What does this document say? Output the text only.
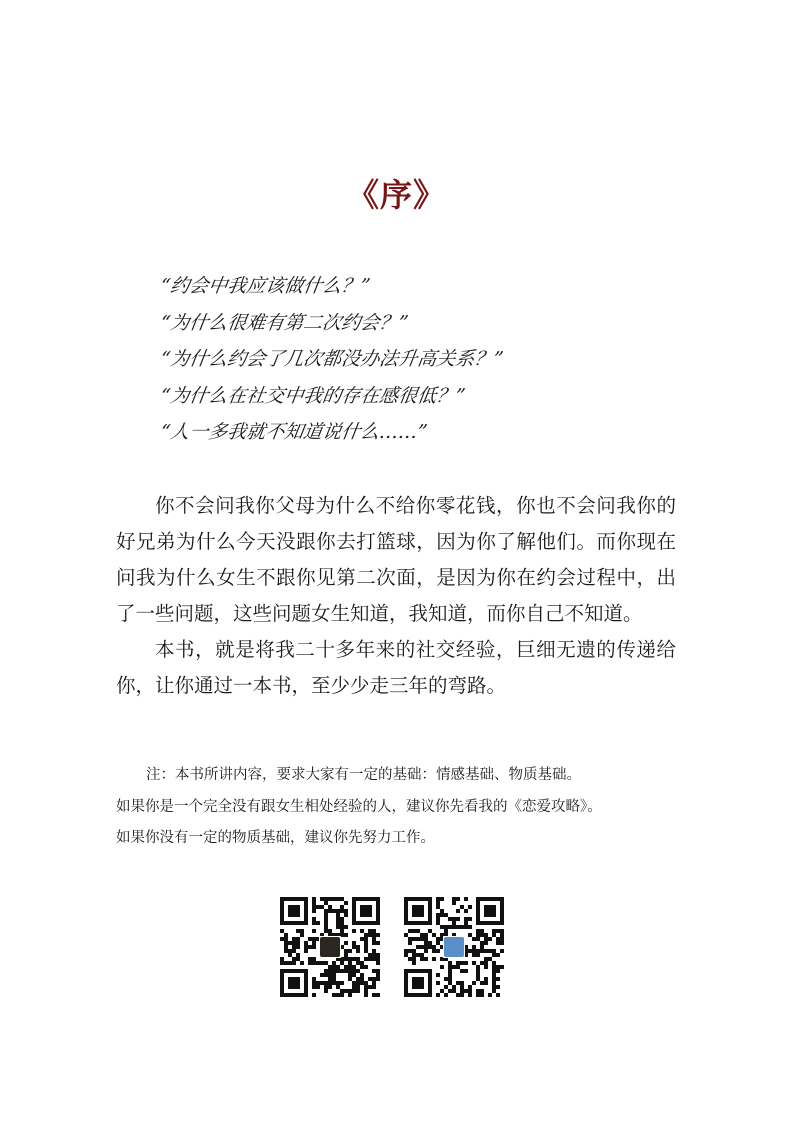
《序》
“约会中我应该做什么？”
“为什么很难有第二次约会？”
“为什么约会了几次都没办法升高关系？”
“为什么在社交中我的存在感很低？”
“人一多我就不知道说什么……”

你不会问我你父母为什么不给你零花钱，你也不会问我你的好兄弟为什么今天没跟你去打篮球，因为你了解他们。而你现在问我为什么女生不跟你见第二次面，是因为你在约会过程中，出了一些问题，这些问题女生知道，我知道，而你自己不知道。

本书，就是将我二十多年来的社交经验，巨细无遗的传递给你，让你通过一本书，至少少走三年的弯路。

注：本书所讲内容，要求大家有一定的基础：情感基础、物质基础。
如果你是一个完全没有跟女生相处经验的人，建议你先看我的《恋爱攻略》。
如果你没有一定的物质基础，建议你先努力工作。
